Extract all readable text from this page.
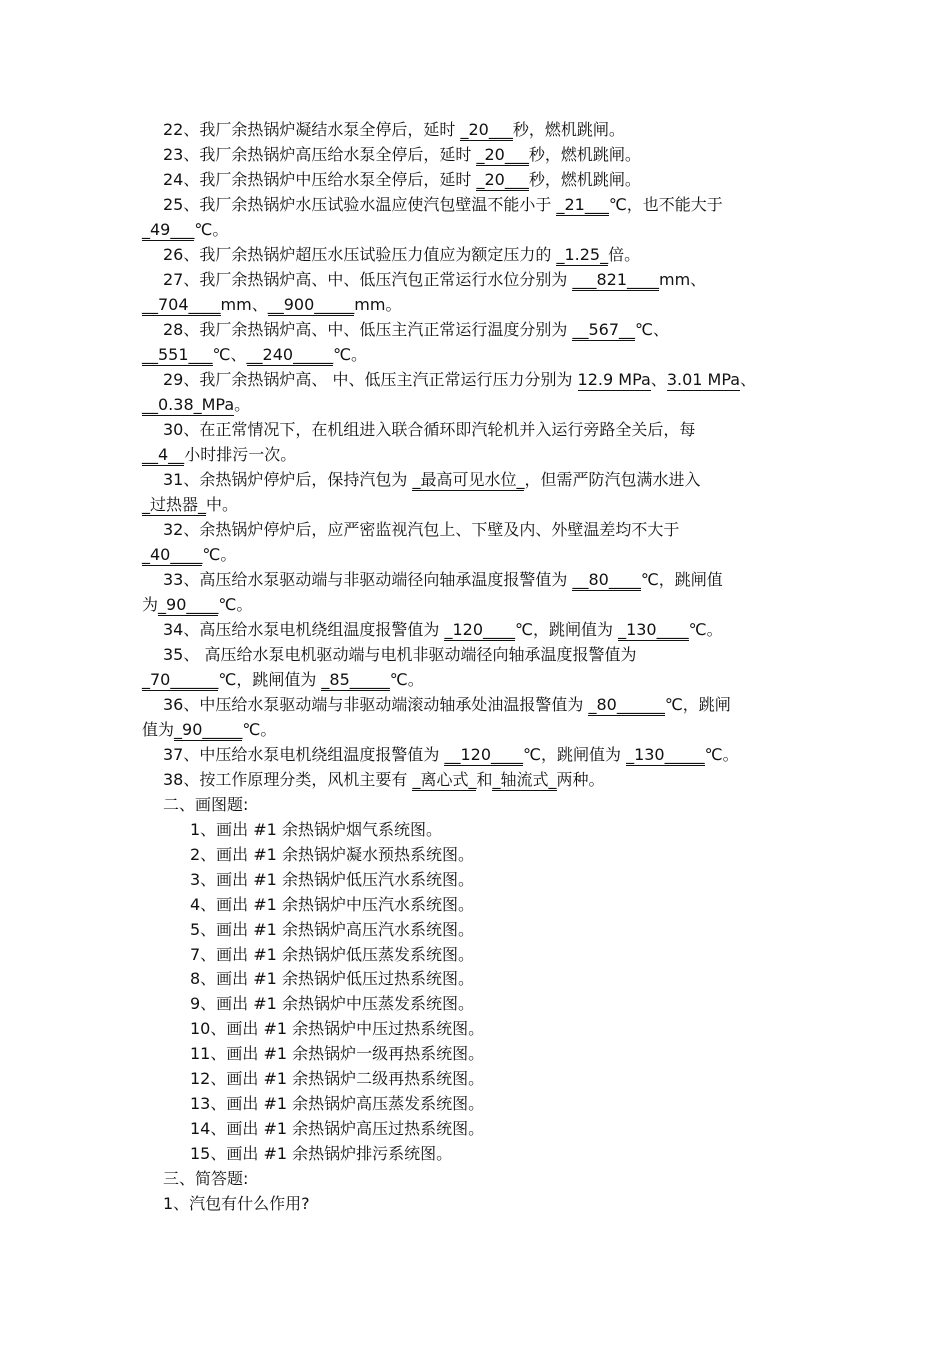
22、我厂余热锅炉凝结水泵全停后，延时 _20___秒，燃机跳闸。
23、我厂余热锅炉高压给水泵全停后，延时 _20___秒，燃机跳闸。
24、我厂余热锅炉中压给水泵全停后，延时 _20___秒，燃机跳闸。
25、我厂余热锅炉水压试验水温应使汽包壁温不能小于 _21___℃，也不能大于
_49___℃。
26、我厂余热锅炉超压水压试验压力值应为额定压力的 _1.25_倍。
27、我厂余热锅炉高、中、低压汽包正常运行水位分别为 ___821____mm、
__704____mm、__900_____mm。
28、我厂余热锅炉高、中、低压主汽正常运行温度分别为 __567__℃、
__551___℃、__240_____℃。
29、我厂余热锅炉高、 中、低压主汽正常运行压力分别为 12.9 MPa、3.01 MPa、
__0.38_MPa。
30、在正常情况下，在机组进入联合循环即汽轮机并入运行旁路全关后，每
__4__小时排污一次。
31、余热锅炉停炉后，保持汽包为 _最高可见水位_，但需严防汽包满水进入
_过热器_中。
32、余热锅炉停炉后，应严密监视汽包上、下壁及内、外壁温差均不大于
_40____℃。
33、高压给水泵驱动端与非驱动端径向轴承温度报警值为 __80____℃，跳闸值
为_90____℃。
34、高压给水泵电机绕组温度报警值为 _120____℃，跳闸值为 _130____℃。
35、 高压给水泵电机驱动端与电机非驱动端径向轴承温度报警值为
_70______℃，跳闸值为 _85_____℃。
36、中压给水泵驱动端与非驱动端滚动轴承处油温报警值为 _80______℃，跳闸
值为_90_____℃。
37、中压给水泵电机绕组温度报警值为 __120____℃，跳闸值为 _130_____℃。
38、按工作原理分类，风机主要有 _离心式_和_轴流式_两种。
二、画图题:
1、画出 #1 余热锅炉烟气系统图。
2、画出 #1 余热锅炉凝水预热系统图。
3、画出 #1 余热锅炉低压汽水系统图。
4、画出 #1 余热锅炉中压汽水系统图。
5、画出 #1 余热锅炉高压汽水系统图。
7、画出 #1 余热锅炉低压蒸发系统图。
8、画出 #1 余热锅炉低压过热系统图。
9、画出 #1 余热锅炉中压蒸发系统图。
10、画出 #1 余热锅炉中压过热系统图。
11、画出 #1 余热锅炉一级再热系统图。
12、画出 #1 余热锅炉二级再热系统图。
13、画出 #1 余热锅炉高压蒸发系统图。
14、画出 #1 余热锅炉高压过热系统图。
15、画出 #1 余热锅炉排污系统图。
三、简答题:
1、汽包有什么作用?
